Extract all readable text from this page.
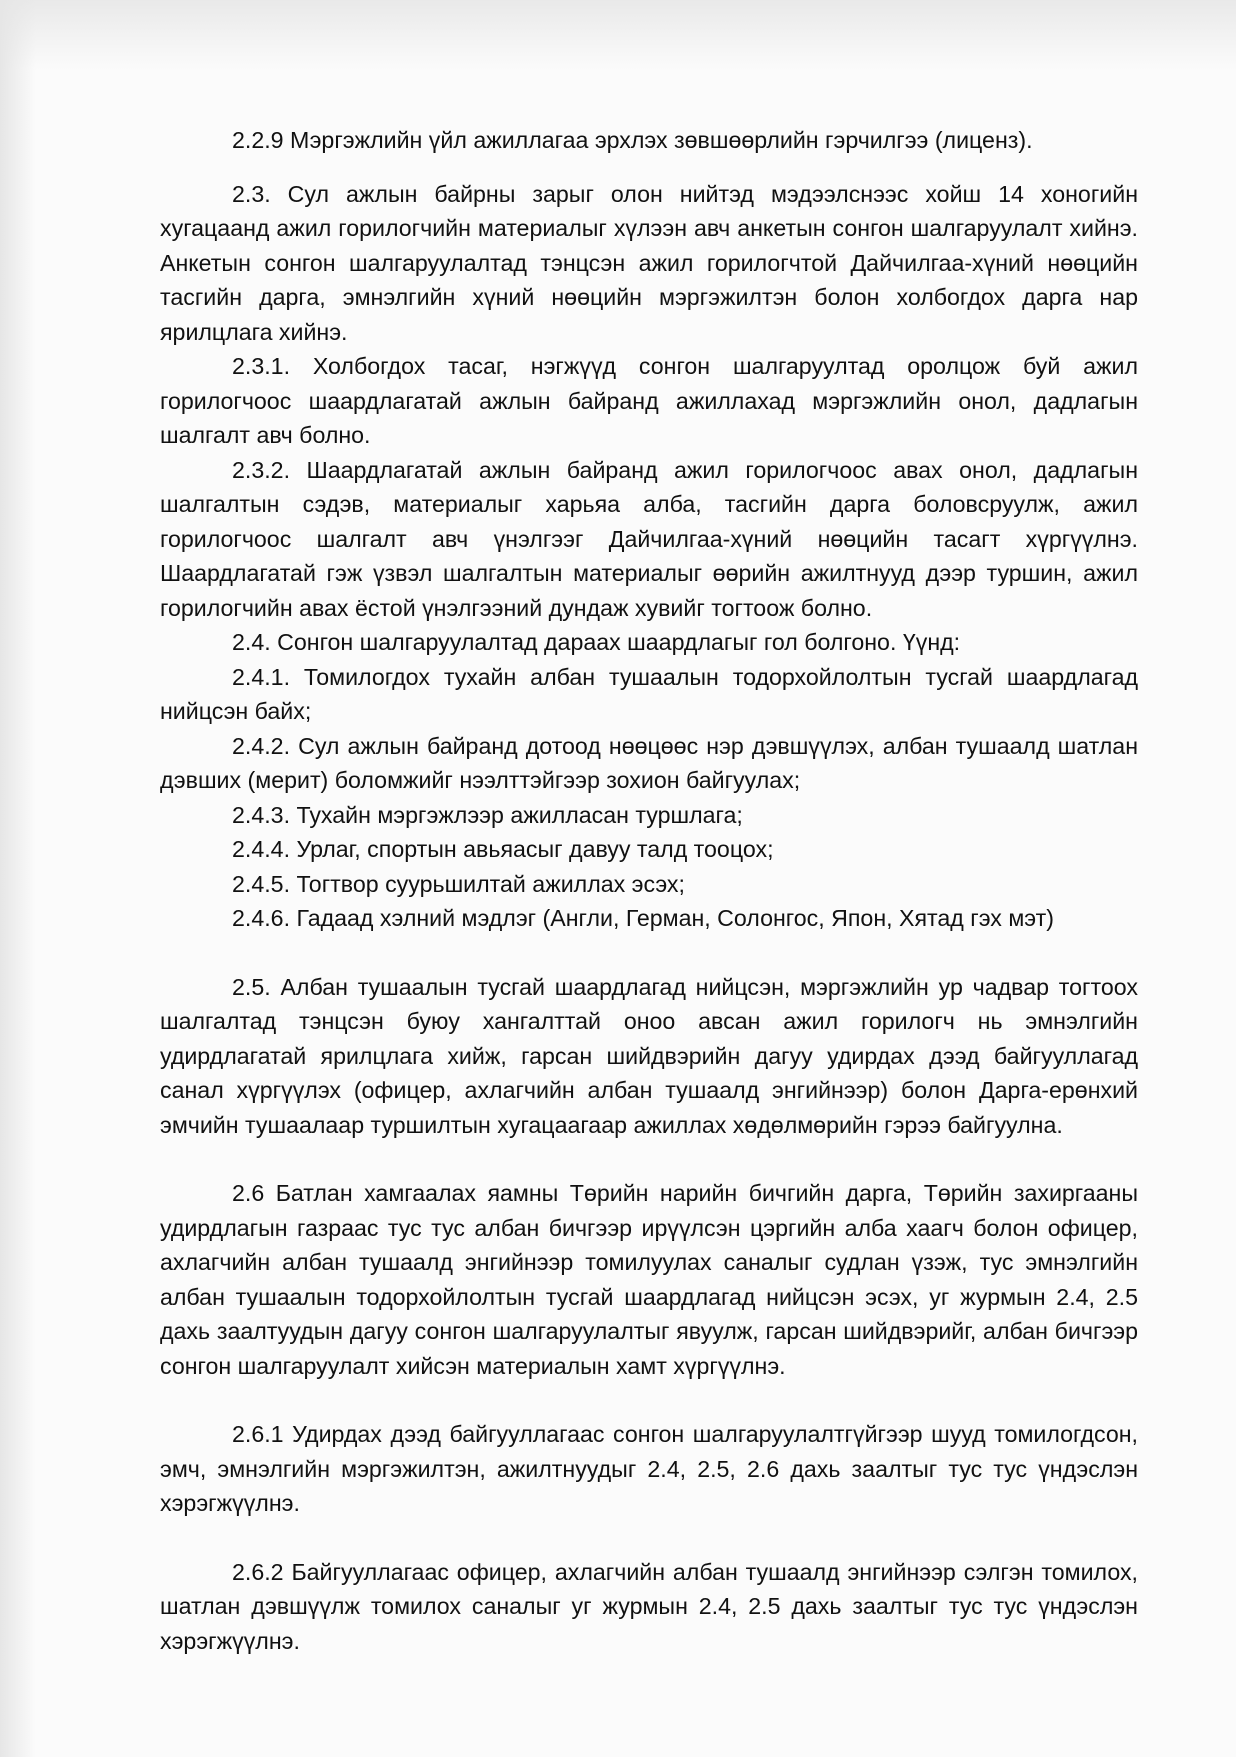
2.2.9 Мэргэжлийн үйл ажиллагаа эрхлэх зөвшөөрлийн гэрчилгээ (лиценз).

2.3. Сул ажлын байрны зарыг олон нийтэд мэдээлснээс хойш 14 хоногийн хугацаанд ажил горилогчийн материалыг хүлээн авч анкетын сонгон шалгаруулалт хийнэ. Анкетын сонгон шалгаруулалтад тэнцсэн ажил горилогчтой Дайчилгаа-хүний нөөцийн тасгийн дарга, эмнэлгийн хүний нөөцийн мэргэжилтэн болон холбогдох дарга нар ярилцлага хийнэ.

2.3.1. Холбогдох тасаг, нэгжүүд сонгон шалгаруултад оролцож буй ажил горилогчоос шаардлагатай ажлын байранд ажиллахад мэргэжлийн онол, дадлагын шалгалт авч болно.

2.3.2. Шаардлагатай ажлын байранд ажил горилогчоос авах онол, дадлагын шалгалтын сэдэв, материалыг харьяа алба, тасгийн дарга боловсруулж, ажил горилогчоос шалгалт авч үнэлгээг Дайчилгаа-хүний нөөцийн тасагт хүргүүлнэ. Шаардлагатай гэж үзвэл шалгалтын материалыг өөрийн ажилтнууд дээр туршин, ажил горилогчийн авах ёстой үнэлгээний дундаж хувийг тогтоож болно.

2.4. Сонгон шалгаруулалтад дараах шаардлагыг гол болгоно. Үүнд:

2.4.1. Томилогдох тухайн албан тушаалын тодорхойлолтын тусгай шаардлагад нийцсэн байх;

2.4.2. Сул ажлын байранд дотоод нөөцөөс нэр дэвшүүлэх, албан тушаалд шатлан дэвших (мерит) боломжийг нээлттэйгээр зохион байгуулах;

2.4.3. Тухайн мэргэжлээр ажилласан туршлага;

2.4.4. Урлаг, спортын авьяасыг давуу талд тооцох;

2.4.5. Тогтвор суурьшилтай ажиллах эсэх;

2.4.6. Гадаад хэлний мэдлэг (Англи, Герман, Солонгос, Япон, Хятад гэх мэт)

2.5. Албан тушаалын тусгай шаардлагад нийцсэн, мэргэжлийн ур чадвар тогтоох шалгалтад тэнцсэн буюу хангалттай оноо авсан ажил горилогч нь эмнэлгийн удирдлагатай ярилцлага хийж, гарсан шийдвэрийн дагуу удирдах дээд байгууллагад санал хүргүүлэх (офицер, ахлагчийн албан тушаалд энгийнээр) болон Дарга-ерөнхий эмчийн тушаалаар туршилтын хугацаагаар ажиллах хөдөлмөрийн гэрээ байгуулна.

2.6 Батлан хамгаалах яамны Төрийн нарийн бичгийн дарга, Төрийн захиргааны удирдлагын газраас тус тус албан бичгээр ирүүлсэн цэргийн алба хаагч болон офицер, ахлагчийн албан тушаалд энгийнээр томилуулах саналыг судлан үзэж, тус эмнэлгийн албан тушаалын тодорхойлолтын тусгай шаардлагад нийцсэн эсэх, уг журмын 2.4, 2.5 дахь заалтуудын дагуу сонгон шалгаруулалтыг явуулж, гарсан шийдвэрийг, албан бичгээр сонгон шалгаруулалт хийсэн материалын хамт хүргүүлнэ.

2.6.1 Удирдах дээд байгууллагаас сонгон шалгаруулалтгүйгээр шууд томилогдсон, эмч, эмнэлгийн мэргэжилтэн, ажилтнуудыг 2.4, 2.5, 2.6 дахь заалтыг тус тус үндэслэн хэрэгжүүлнэ.

2.6.2 Байгууллагаас офицер, ахлагчийн албан тушаалд энгийнээр сэлгэн томилох, шатлан дэвшүүлж томилох саналыг уг журмын 2.4, 2.5 дахь заалтыг тус тус үндэслэн хэрэгжүүлнэ.
